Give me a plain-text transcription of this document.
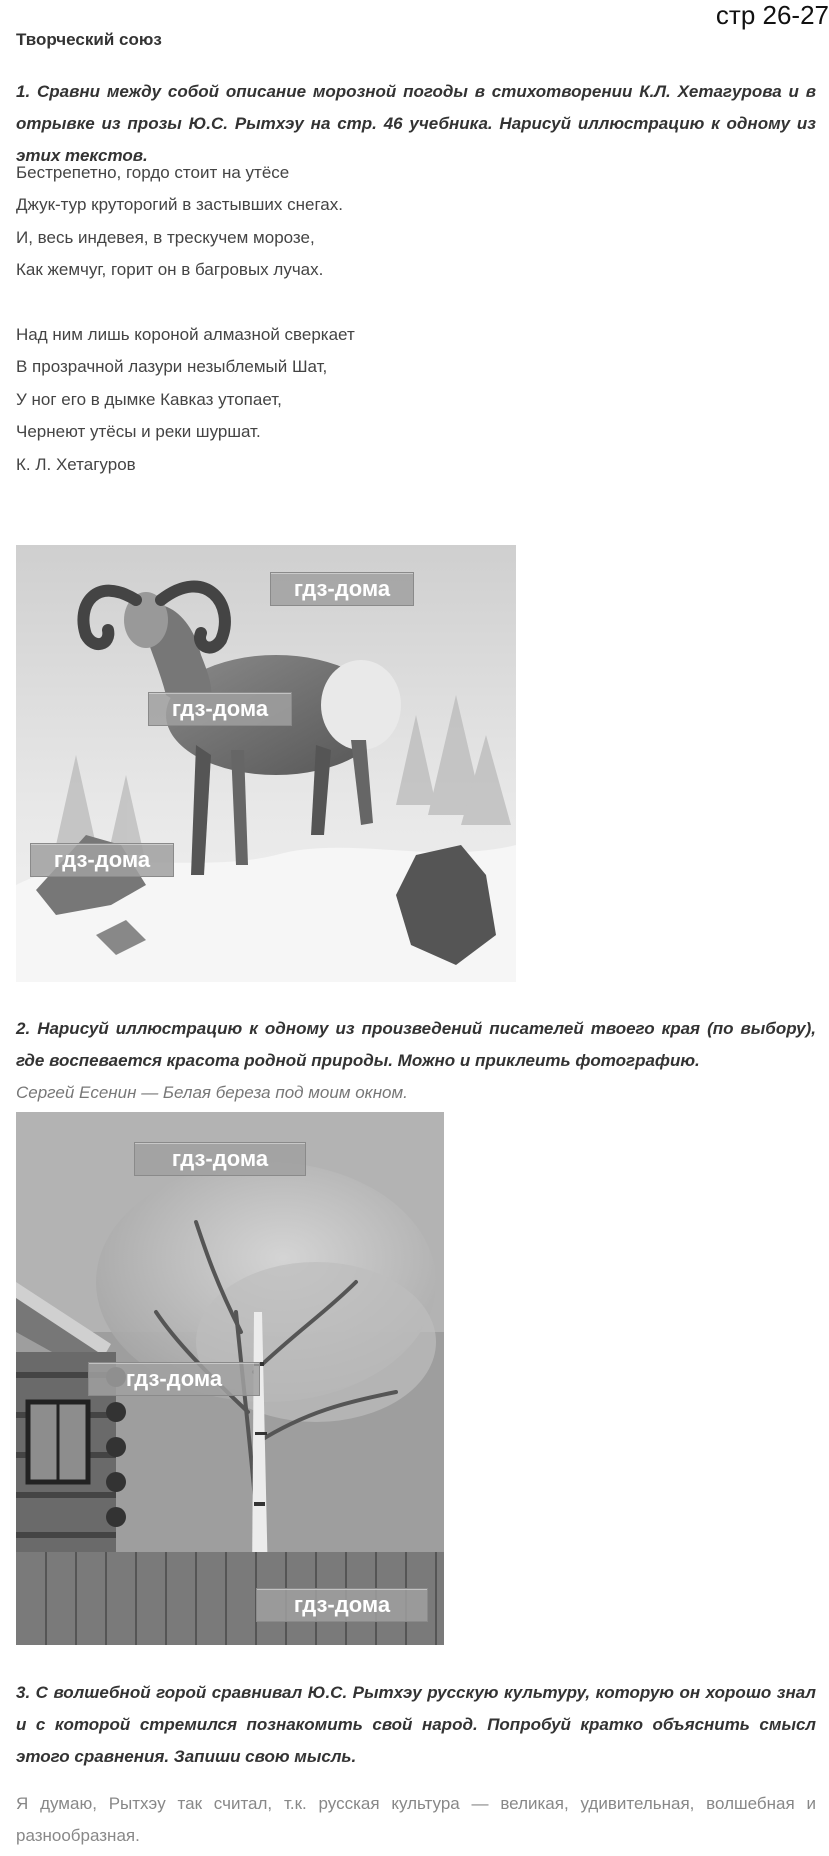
стр 26-27
Творческий союз
1. Сравни между собой описание морозной погоды в стихотворении К.Л. Хетагурова и в отрывке из прозы Ю.С. Рытхэу на стр. 46 учебника. Нарисуй иллюстрацию к одному из этих текстов.
Бестрепетно, гордо стоит на утёсе
Джук-тур круторогий в застывших снегах.
И, весь индевея, в трескучем морозе,
Как жемчуг, горит он в багровых лучах.
Над ним лишь короной алмазной сверкает
В прозрачной лазури незыблемый Шат,
У ног его в дымке Кавказ утопает,
Чернеют утёсы и реки шуршат.
К. Л. Хетагуров
гдз-дома
гдз-дома
гдз-дома
2. Нарисуй иллюстрацию к одному из произведений писателей твоего края (по выбору), где воспевается красота родной природы. Можно и приклеить фотографию.
Сергей Есенин — Белая береза под моим окном.
гдз-дома
гдз-дома
гдз-дома
3. С волшебной горой сравнивал Ю.С. Рытхэу русскую культуру, которую он хорошо знал и с которой стремился познакомить свой народ. Попробуй кратко объяснить смысл этого сравнения. Запиши свою мысль.
Я думаю, Рытхэу так считал, т.к. русская культура — великая, удивительная, волшебная и разнообразная.
